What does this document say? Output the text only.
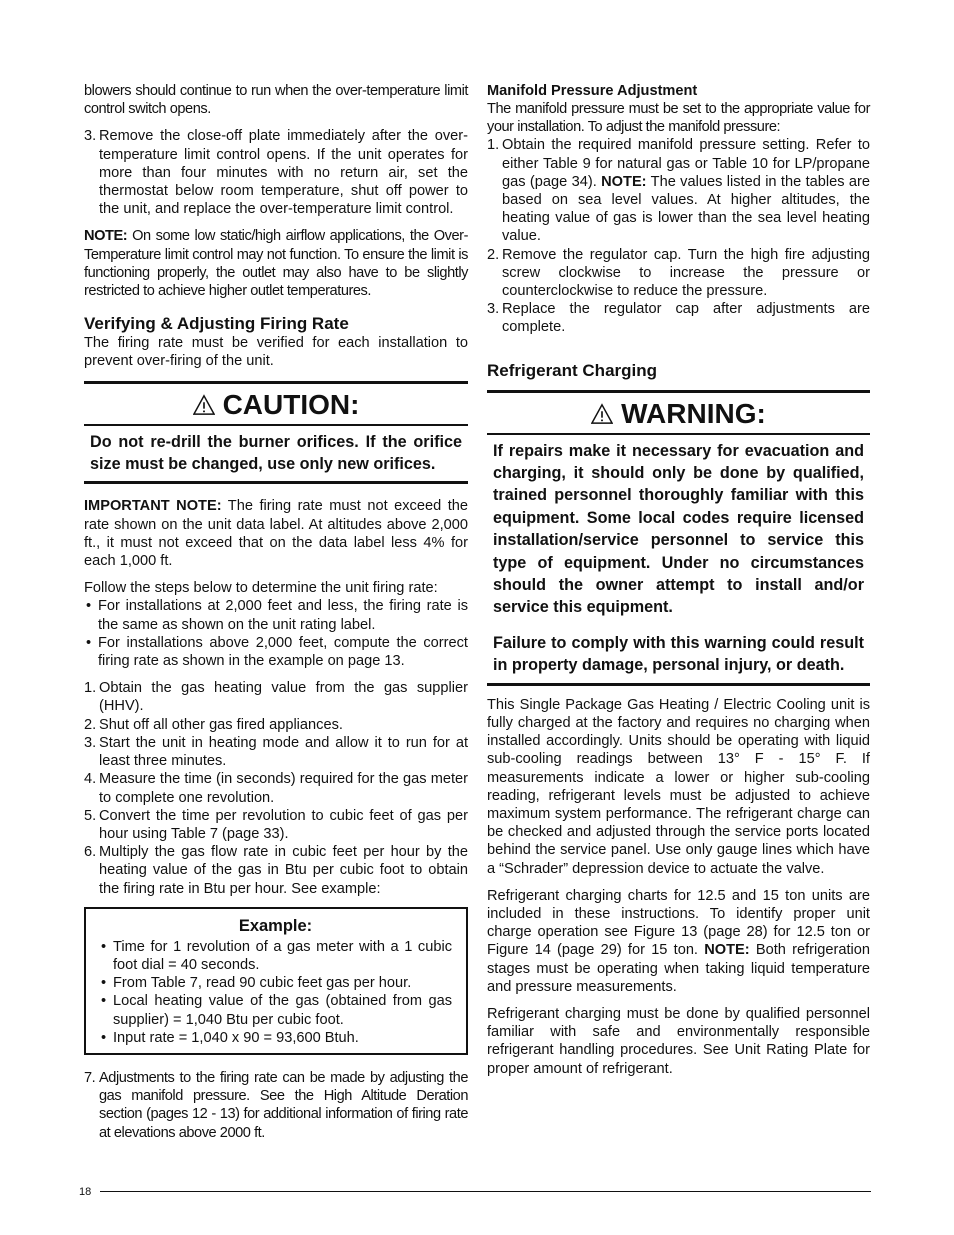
blowers should continue to run when the over-temperature limit control switch opens.

3. Remove the close-off plate immediately after the over-temperature limit control opens. If the unit operates for more than four minutes with no return air, set the thermostat below room temperature, shut off power to the unit, and replace the over-temperature limit control.

NOTE: On some low static/high airflow applications, the Over-Temperature limit control may not function. To ensure the limit is functioning properly, the outlet may also have to be slightly restricted to achieve higher outlet temperatures.

Verifying & Adjusting Firing Rate

The firing rate must be verified for each installation to prevent over-firing of the unit.

CAUTION:
Do not re-drill the burner orifices. If the orifice size must be changed, use only new orifices.

IMPORTANT NOTE: The firing rate must not exceed the rate shown on the unit data label. At altitudes above 2,000 ft., it must not exceed that on the data label less 4% for each 1,000 ft.

Follow the steps below to determine the unit firing rate:

• For installations at 2,000 feet and less, the firing rate is the same as shown on the unit rating label.
• For installations above 2,000 feet, compute the correct firing rate as shown in the example on page 13.
1. Obtain the gas heating value from the gas supplier (HHV).
2. Shut off all other gas fired appliances.
3. Start the unit in heating mode and allow it to run for at least three minutes.
4. Measure the time (in seconds) required for the gas meter to complete one revolution.
5. Convert the time per revolution to cubic feet of gas per hour using Table 7 (page 33).
6. Multiply the gas flow rate in cubic feet per hour by the heating value of the gas in Btu per cubic foot to obtain the firing rate in Btu per hour. See example:
Example:
• Time for 1 revolution of a gas meter with a 1 cubic foot dial = 40 seconds.
• From Table 7, read 90 cubic feet gas per hour.
• Local heating value of the gas (obtained from gas supplier) = 1,040 Btu per cubic foot.
• Input rate = 1,040 x 90 = 93,600 Btuh.
7. Adjustments to the firing rate can be made by adjusting the gas manifold pressure. See the High Altitude Deration section (pages 12 - 13) for additional information of firing rate at elevations above 2000 ft.
Manifold Pressure Adjustment

The manifold pressure must be set to the appropriate value for your installation. To adjust the manifold pressure:

1. Obtain the required manifold pressure setting. Refer to either Table 9 for natural gas or Table 10 for LP/propane gas (page 34). NOTE: The values listed in the tables are based on sea level values. At higher altitudes, the heating value of gas is lower than the sea level heating value.
2. Remove the regulator cap. Turn the high fire adjusting screw clockwise to increase the pressure or counterclockwise to reduce the pressure.
3. Replace the regulator cap after adjustments are complete.
Refrigerant Charging
WARNING:
If repairs make it necessary for evacuation and charging, it should only be done by qualified, trained personnel thoroughly familiar with this equipment. Some local codes require licensed installation/service personnel to service this type of equipment. Under no circumstances should the owner attempt to install and/or service this equipment.
Failure to comply with this warning could result in property damage, personal injury, or death.

This Single Package Gas Heating / Electric Cooling unit is fully charged at the factory and requires no charging when installed accordingly. Units should be operating with liquid sub-cooling readings between 13° F - 15° F. If measurements indicate a lower or higher sub-cooling reading, refrigerant levels must be adjusted to achieve maximum system performance. The refrigerant charge can be checked and adjusted through the service ports located behind the service panel. Use only gauge lines which have a “Schrader” depression device to actuate the valve.

Refrigerant charging charts for 12.5 and 15 ton units are included in these instructions. To identify proper unit charge operation see Figure 13 (page 28) for 12.5 ton or Figure 14 (page 29) for 15 ton. NOTE: Both refrigeration stages must be operating when taking liquid temperature and pressure measurements.

Refrigerant charging must be done by qualified personnel familiar with safe and environmentally responsible refrigerant handling procedures. See Unit Rating Plate for proper amount of refrigerant.

18
